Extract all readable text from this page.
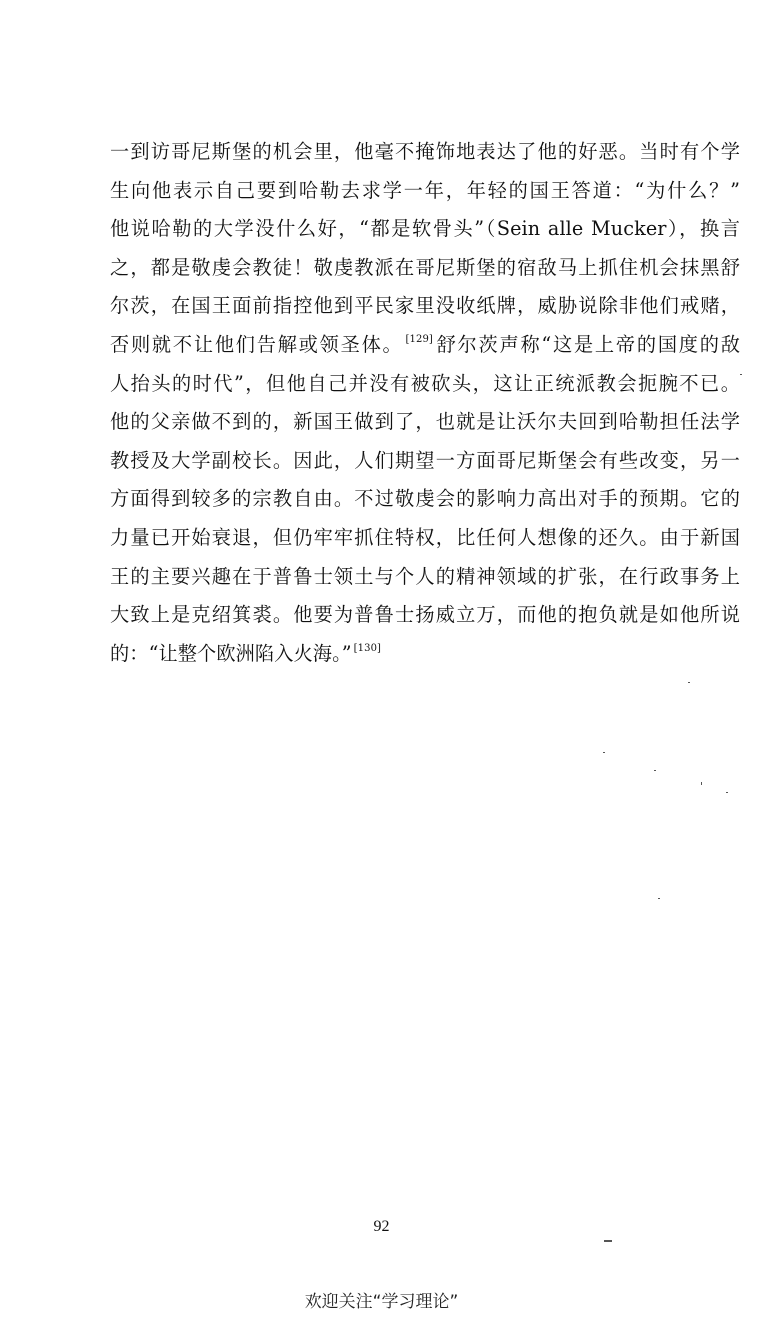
一到访哥尼斯堡的机会里，他毫不掩饰地表达了他的好恶。当时有个学
生向他表示自己要到哈勒去求学一年，年轻的国王答道：“为什么？”
他说哈勒的大学没什么好，“都是软骨头”（Sein alle Mucker），换言
之，都是敬虔会教徒！敬虔教派在哥尼斯堡的宿敌马上抓住机会抹黑舒
尔茨，在国王面前指控他到平民家里没收纸牌，威胁说除非他们戒赌，
否则就不让他们告解或领圣体。 [129] 舒尔茨声称“这是上帝的国度的敌
人抬头的时代”，但他自己并没有被砍头，这让正统派教会扼腕不已。
他的父亲做不到的，新国王做到了，也就是让沃尔夫回到哈勒担任法学
教授及大学副校长。因此，人们期望一方面哥尼斯堡会有些改变，另一
方面得到较多的宗教自由。不过敬虔会的影响力高出对手的预期。它的
力量已开始衰退，但仍牢牢抓住特权，比任何人想像的还久。由于新国
王的主要兴趣在于普鲁士领土与个人的精神领域的扩张，在行政事务上
大致上是克绍箕裘。他要为普鲁士扬威立万，而他的抱负就是如他所说
的：“让整个欧洲陷入火海。” [130]
92
欢迎关注“学习理论”
